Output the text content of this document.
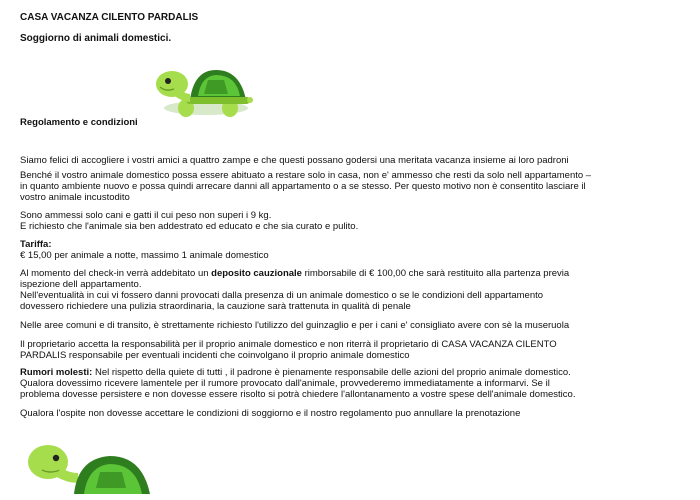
CASA VACANZA CILENTO PARDALIS
Soggiorno di animali domestici.
Regolamento e condizioni
Siamo felici di accogliere i vostri amici a quattro zampe e che questi possano godersi una meritata vacanza insieme ai loro padroni
Benché il vostro animale domestico possa essere abituato a restare solo in casa, non e' ammesso che resti da solo nell appartamento –
in quanto ambiente nuovo e possa quindi arrecare danni all appartamento o a se stesso. Per questo motivo non è consentito lasciare il
vostro animale incustodito
Sono ammessi solo cani e gatti il cui peso non superi i 9 kg.
E richiesto che l'animale sia ben addestrato ed educato e che sia curato e pulito.
Tariffa:
€ 15,00 per animale a notte, massimo 1 animale domestico
Al momento del check-in verrà addebitato un deposito cauzionale rimborsabile di € 100,00 che sarà restituito alla partenza previa
ispezione dell appartamento.
Nell'eventualità in cui vi fossero danni provocati dalla presenza di un animale domestico o se le condizioni dell appartamento
dovessero richiedere una pulizia straordinaria, la cauzione sarà trattenuta in qualità di penale
Nelle aree comuni e di transito, è strettamente richiesto l'utilizzo del guinzaglio e per i cani e' consigliato avere con sè la museruola
Il proprietario accetta la responsabilità per il proprio animale domestico e non riterrà il proprietario di CASA VACANZA CILENTO
PARDALIS responsabile per eventuali incidenti che coinvolgano il proprio animale domestico
Rumori molesti: Nel rispetto della quiete di tutti , il padrone è pienamente responsabile delle azioni del proprio animale domestico.
Qualora dovessimo ricevere lamentele per il rumore provocato dall'animale, provvederemo immediatamente a informarvi. Se il
problema dovesse persistere e non dovesse essere risolto si potrà chiedere l'allontanamento a vostre spese dell'animale domestico.
Qualora l'ospite non dovesse accettare le condizioni di soggiorno e il nostro regolamento puo annullare la prenotazione
